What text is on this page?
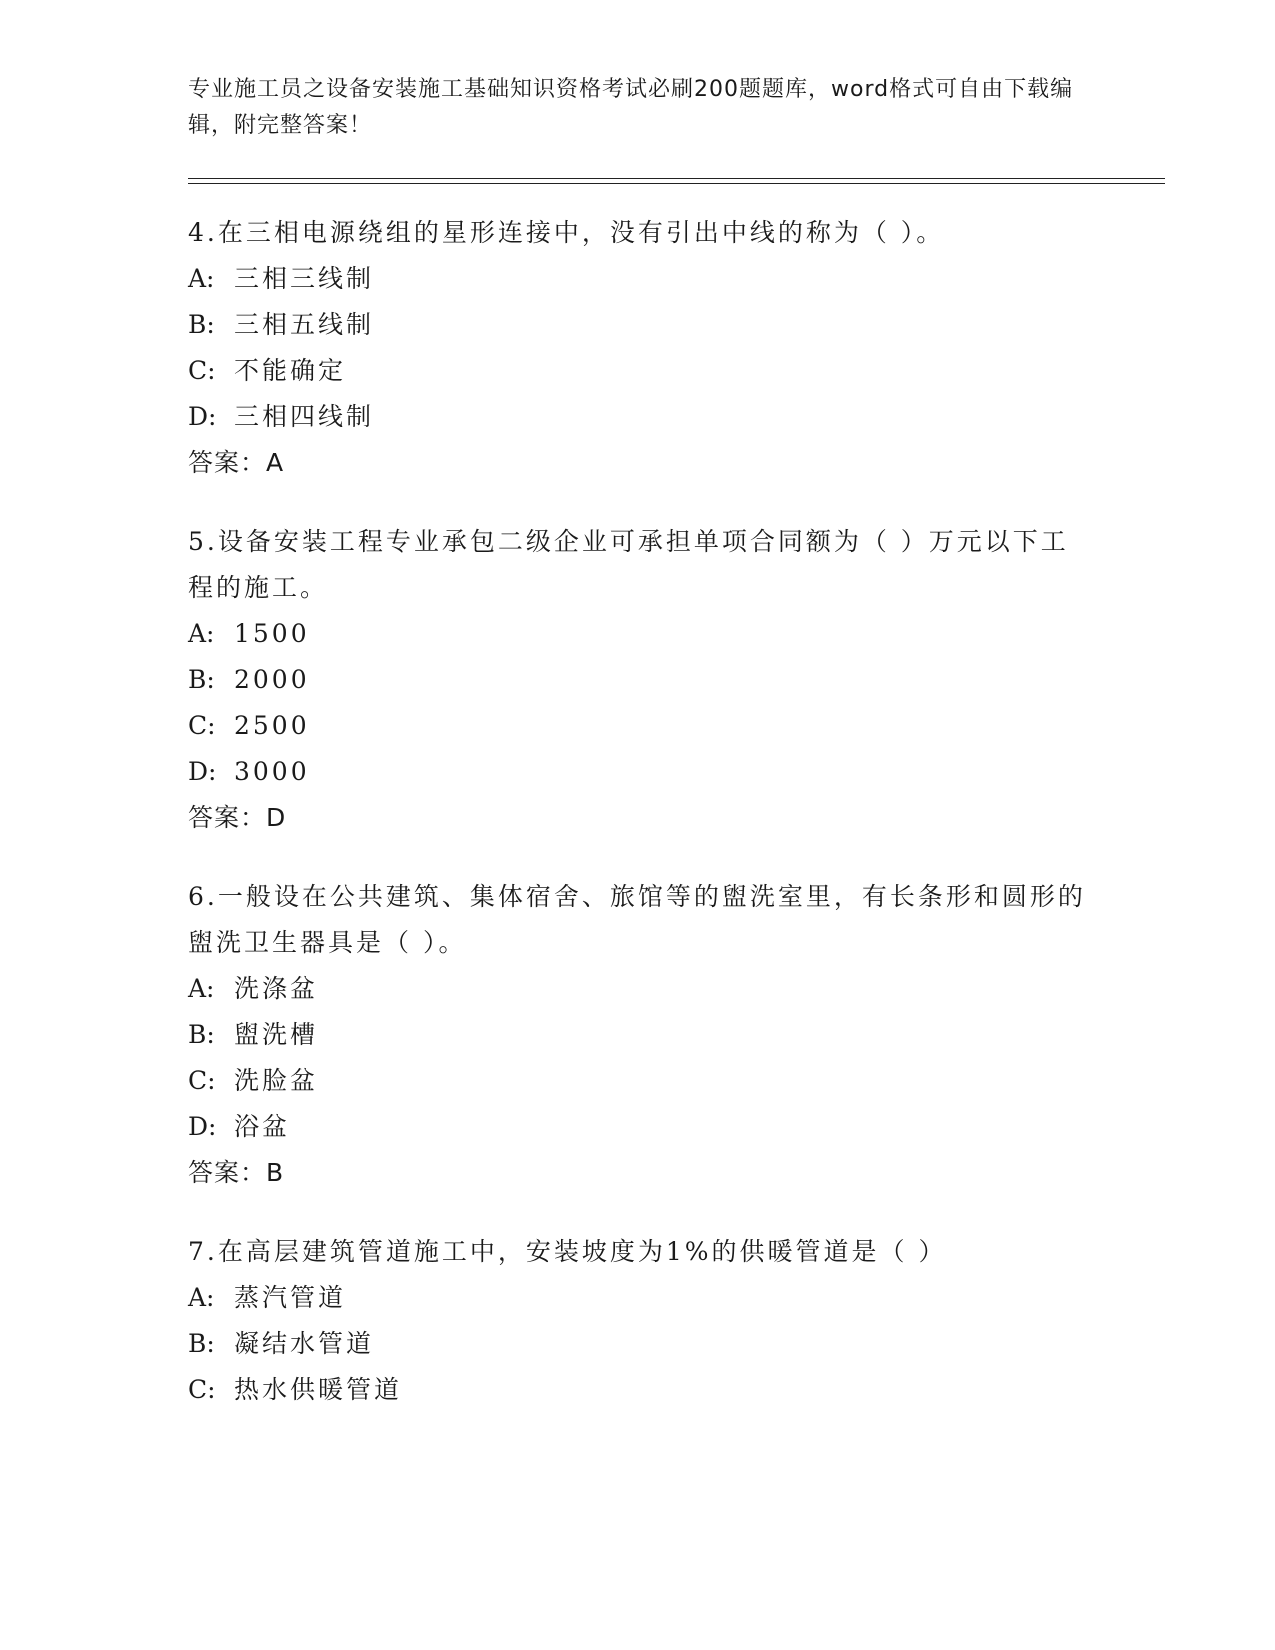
专业施工员之设备安装施工基础知识资格考试必刷200题题库，word格式可自由下载编辑，附完整答案！

4.在三相电源绕组的星形连接中，没有引出中线的称为（ ）。

A: 三相三线制
B: 三相五线制
C: 不能确定
D: 三相四线制
答案：A

5.设备安装工程专业承包二级企业可承担单项合同额为（ ）万元以下工程的施工。

A: 1500
B: 2000
C: 2500
D: 3000
答案：D

6.一般设在公共建筑、集体宿舍、旅馆等的盥洗室里，有长条形和圆形的盥洗卫生器具是（ ）。

A: 洗涤盆
B: 盥洗槽
C: 洗脸盆
D: 浴盆
答案：B

7.在高层建筑管道施工中，安装坡度为1%的供暖管道是（ ）

A: 蒸汽管道
B: 凝结水管道
C: 热水供暖管道
